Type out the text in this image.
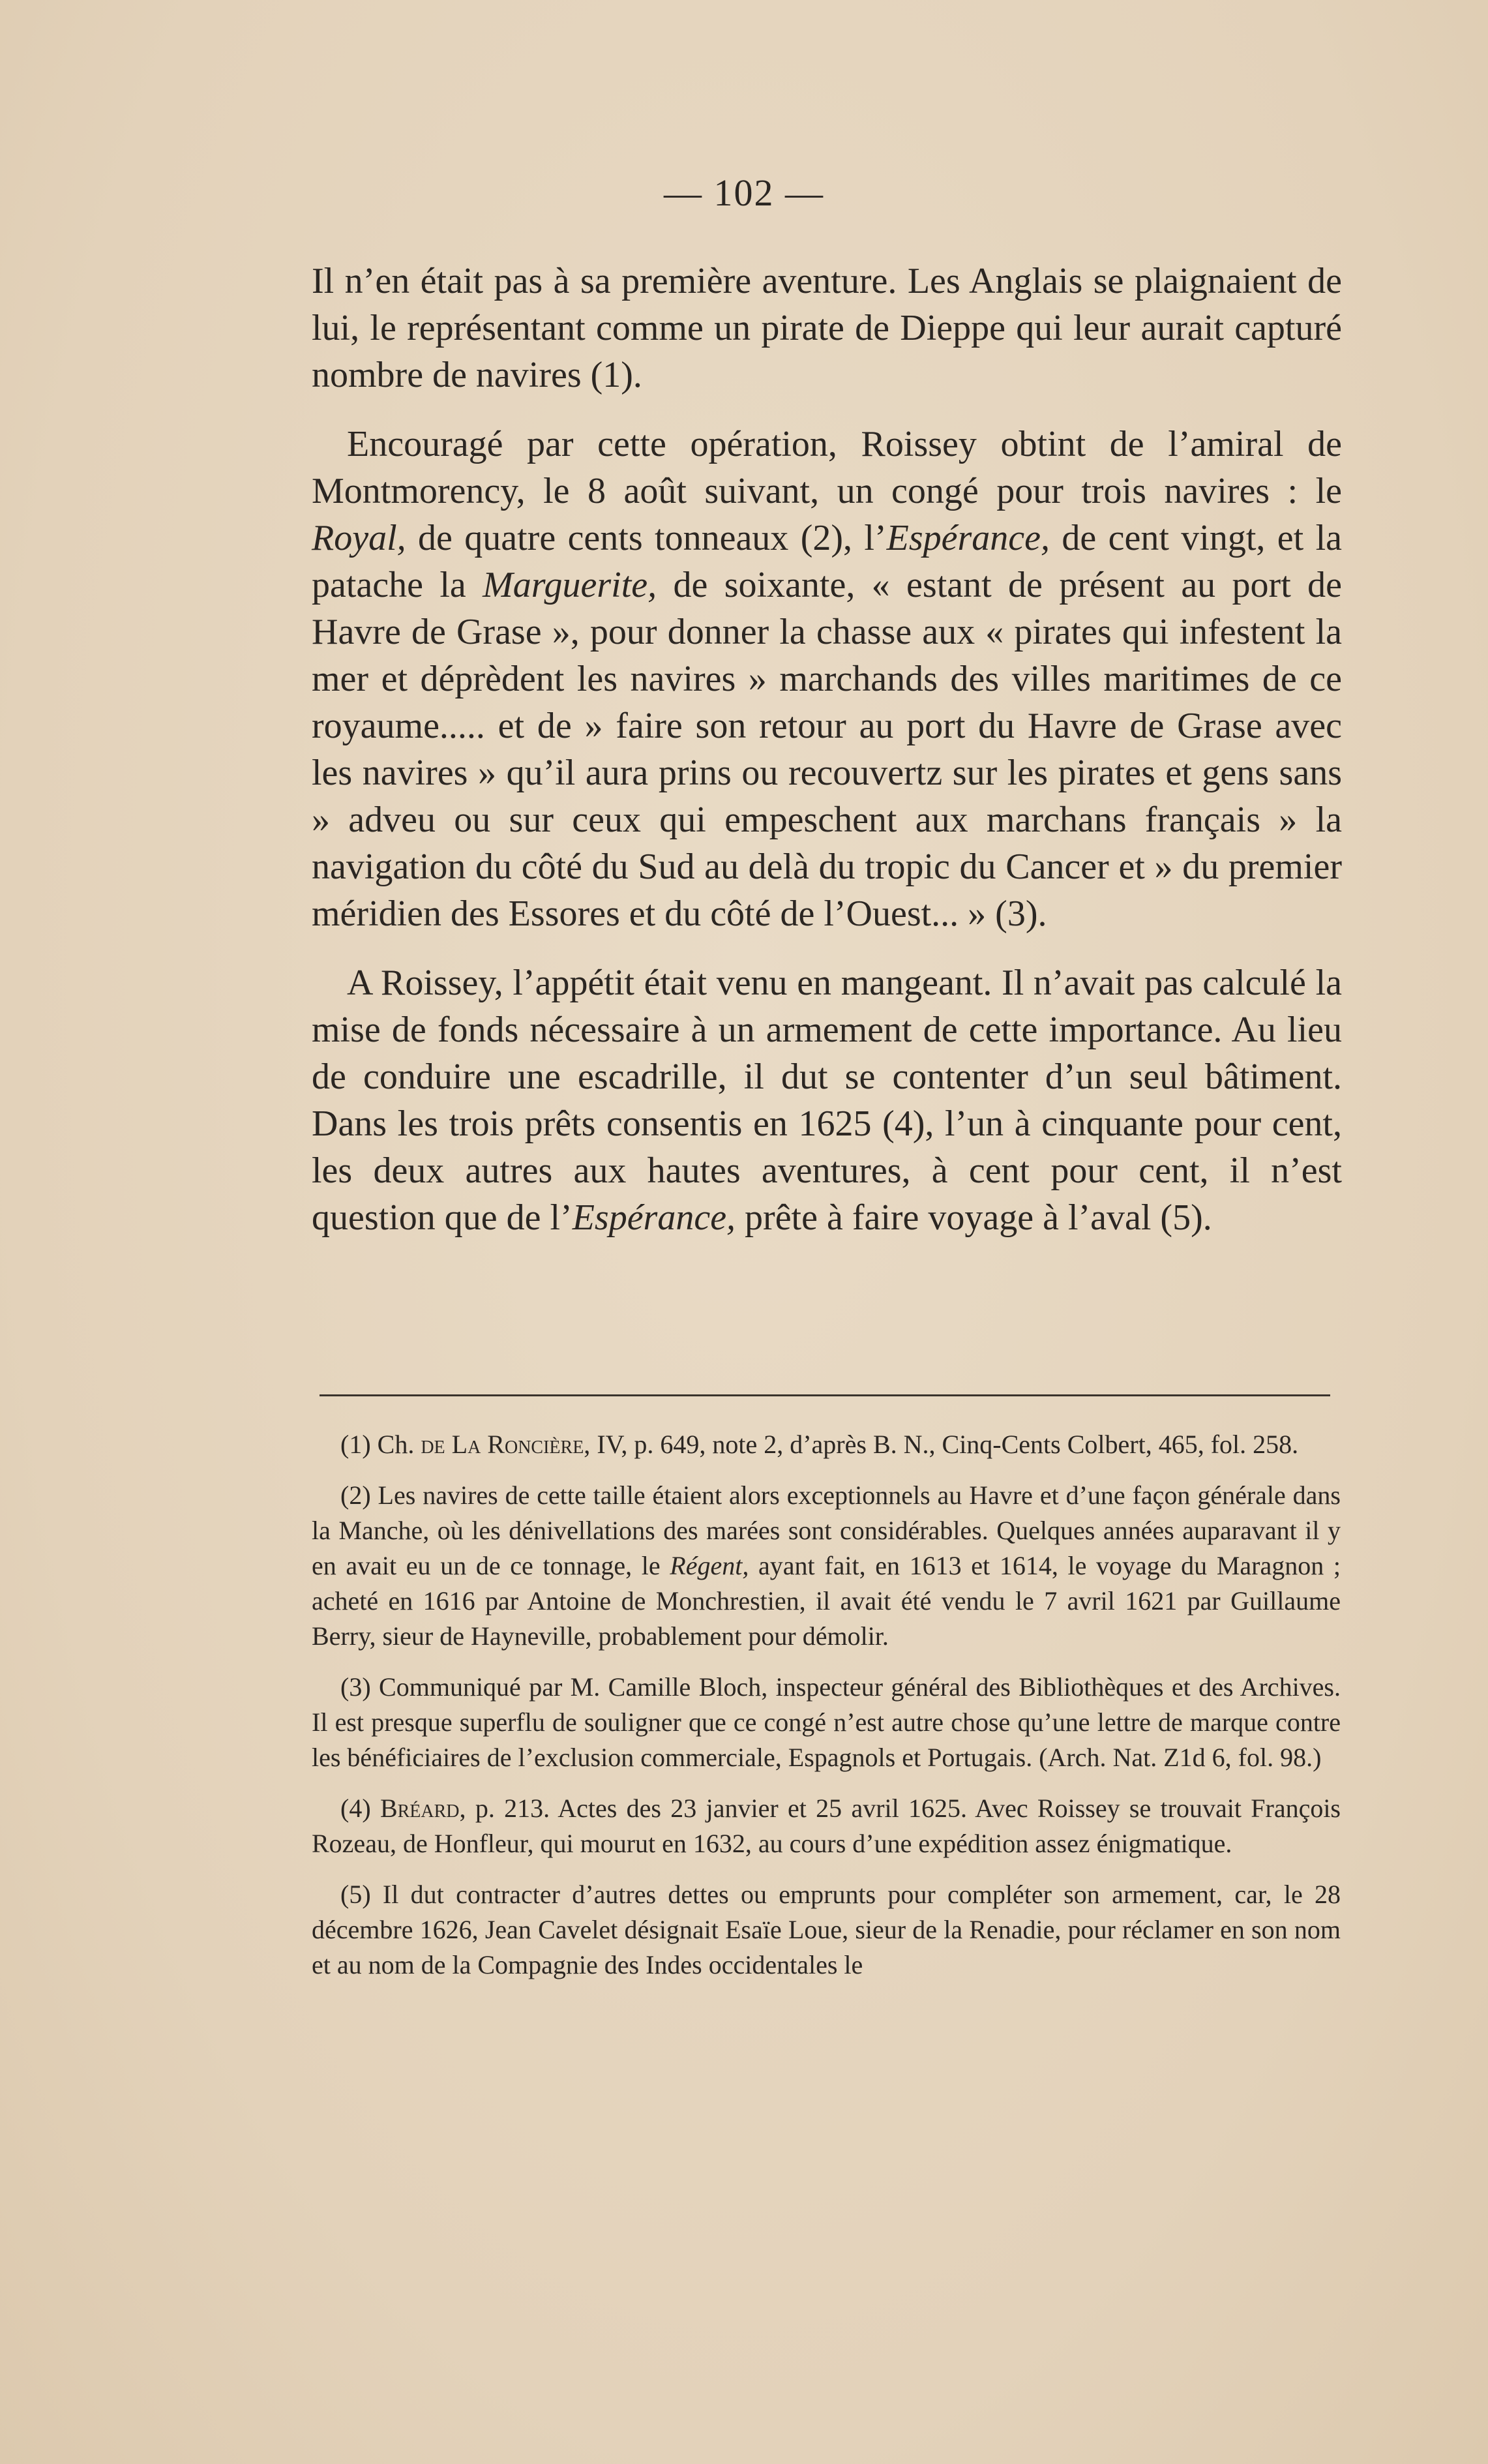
— 102 —

Il n’en était pas à sa première aventure. Les Anglais se plaignaient de lui, le représentant comme un pirate de Dieppe qui leur aurait capturé nombre de navires (1).

Encouragé par cette opération, Roissey obtint de l’amiral de Montmorency, le 8 août suivant, un congé pour trois navires : le Royal, de quatre cents tonneaux (2), l’Espérance, de cent vingt, et la patache la Marguerite, de soixante, « estant de présent au port de Havre de Grase », pour donner la chasse aux « pirates qui infestent la mer et déprèdent les navires » marchands des villes maritimes de ce royaume..... et de » faire son retour au port du Havre de Grase avec les navires » qu’il aura prins ou recouvertz sur les pirates et gens sans » adveu ou sur ceux qui empeschent aux marchans français » la navigation du côté du Sud au delà du tropic du Cancer et » du premier méridien des Essores et du côté de l’Ouest... » (3).

A Roissey, l’appétit était venu en mangeant. Il n’avait pas calculé la mise de fonds nécessaire à un armement de cette importance. Au lieu de conduire une escadrille, il dut se contenter d’un seul bâtiment. Dans les trois prêts consentis en 1625 (4), l’un à cinquante pour cent, les deux autres aux hautes aventures, à cent pour cent, il n’est question que de l’Espérance, prête à faire voyage à l’aval (5).

(1) Ch. de La Roncière, IV, p. 649, note 2, d’après B. N., Cinq-Cents Colbert, 465, fol. 258.

(2) Les navires de cette taille étaient alors exceptionnels au Havre et d’une façon générale dans la Manche, où les dénivellations des marées sont considérables. Quelques années auparavant il y en avait eu un de ce tonnage, le Régent, ayant fait, en 1613 et 1614, le voyage du Maragnon ; acheté en 1616 par Antoine de Monchrestien, il avait été vendu le 7 avril 1621 par Guillaume Berry, sieur de Hayneville, probablement pour démolir.

(3) Communiqué par M. Camille Bloch, inspecteur général des Bibliothèques et des Archives. Il est presque superflu de souligner que ce congé n’est autre chose qu’une lettre de marque contre les bénéficiaires de l’exclusion commerciale, Espagnols et Portugais. (Arch. Nat. Z1d 6, fol. 98.)

(4) Bréard, p. 213. Actes des 23 janvier et 25 avril 1625. Avec Roissey se trouvait François Rozeau, de Honfleur, qui mourut en 1632, au cours d’une expédition assez énigmatique.

(5) Il dut contracter d’autres dettes ou emprunts pour compléter son armement, car, le 28 décembre 1626, Jean Cavelet désignait Esaïe Loue, sieur de la Renadie, pour réclamer en son nom et au nom de la Compagnie des Indes occidentales le
